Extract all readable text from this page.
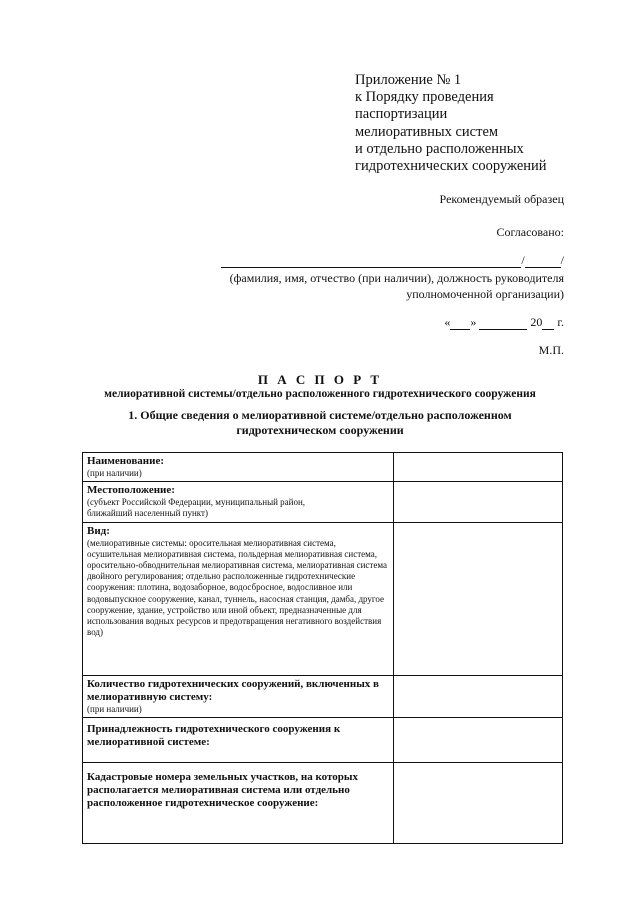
Приложение № 1
к Порядку проведения
паспортизации
мелиоративных систем
и отдельно расположенных
гидротехнических сооружений
Рекомендуемый образец
Согласовано:
/	/
(фамилия, имя, отчество (при наличии), должность руководителя
уполномоченной организации)
« »	20 г.
М.П.
П А С П О Р Т
мелиоративной системы/отдельно расположенного гидротехнического сооружения
1. Общие сведения о мелиоративной системе/отдельно расположенном
гидротехническом сооружении
Наименование:
(при наличии)	

Местоположение:
(субъект Российской Федерации, муниципальный район, ближайший населенный пункт)	

Вид:
(мелиоративные системы: оросительная мелиоративная система, осушительная мелиоративная система, польдерная мелиоративная система, оросительно-обводнительная мелиоративная система, мелиоративная система двойного регулирования; отдельно расположенные гидротехнические сооружения: плотина, водозаборное, водосбросное, водосливное или водовыпускное сооружение, канал, туннель, насосная станция, дамба, другое сооружение, здание, устройство или иной объект, предназначенные для использования водных ресурсов и предотвращения негативного воздействия вод)	

Количество гидротехнических сооружений, включенных в мелиоративную систему:
(при наличии)	

Принадлежность гидротехнического сооружения к мелиоративной системе:	

Кадастровые номера земельных участков, на которых располагается мелиоративная система или отдельно расположенное гидротехническое сооружение:	
